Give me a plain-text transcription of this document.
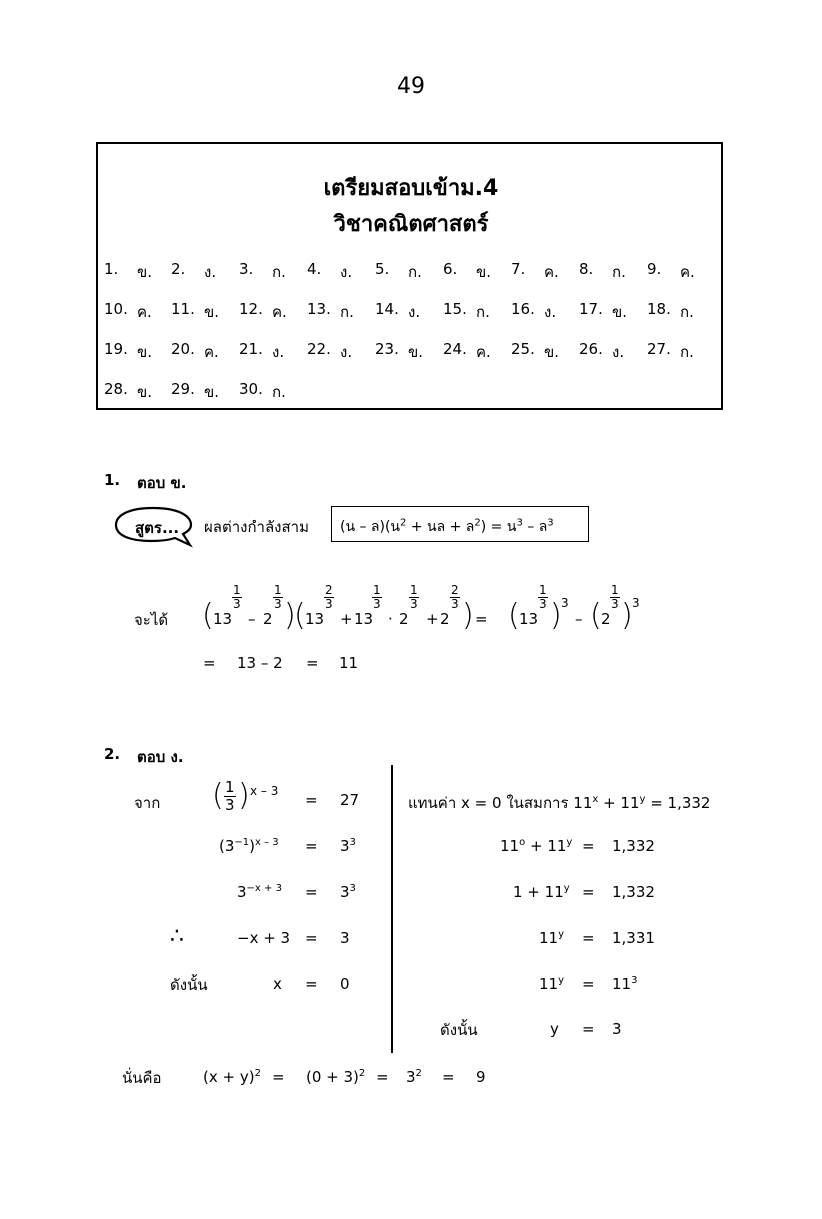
49
เตรียมสอบเข้าม.4
วิชาคณิตศาสตร์
1. ข. 2. ง. 3. ก. 4. ง. 5. ก. 6. ข. 7. ค. 8. ก. 9. ค.
10. ค. 11. ข. 12. ค. 13. ก. 14. ง. 15. ก. 16. ง. 17. ข. 18. ก.
19. ข. 20. ค. 21. ง. 22. ง. 23. ข. 24. ค. 25. ข. 26. ง. 27. ก.
28. ข. 29. ข. 30. ก.
1. ตอบ ข.
สูตร... ผลต่างกำลังสาม	(น – ล)(น$^2$ + นล + ล$^2$) = น$^3$ – ล$^3$
จะได้ ( 13
$\frac{1}{3}$
– 2
$\frac{1}{3}$
)
( 13
$\frac{2}{3}$
+ 13
$\frac{1}{3}$
· 2
$\frac{1}{3}$
+ 2
$\frac{2}{3}$
) = ( 13
$\frac{1}{3}$
) 3
– ( 2
$\frac{1}{3}$
) 3
= 13 – 2 = 11
2. ตอบ ง.
จาก ( $\frac{1}{3}$ ) x – 3 = 27
$(3^{-1})^{x - 3} = 3^3$
$3^{-x + 3} = 3^3$
∴	−x + 3 = 3
ดังนั้น	x = 0
แทนค่า x = 0 ในสมการ $11^x + 11^y = 1,332$
$11^o + 11^y = 1,332$
$1 + 11^y = 1,332$
$11^y = 1,331$
$11^y = 11^3$
ดังนั้น	y = 3
นั่นคือ	$(x + y)^2 = (0 + 3)^2 = 3^2 = 9$
